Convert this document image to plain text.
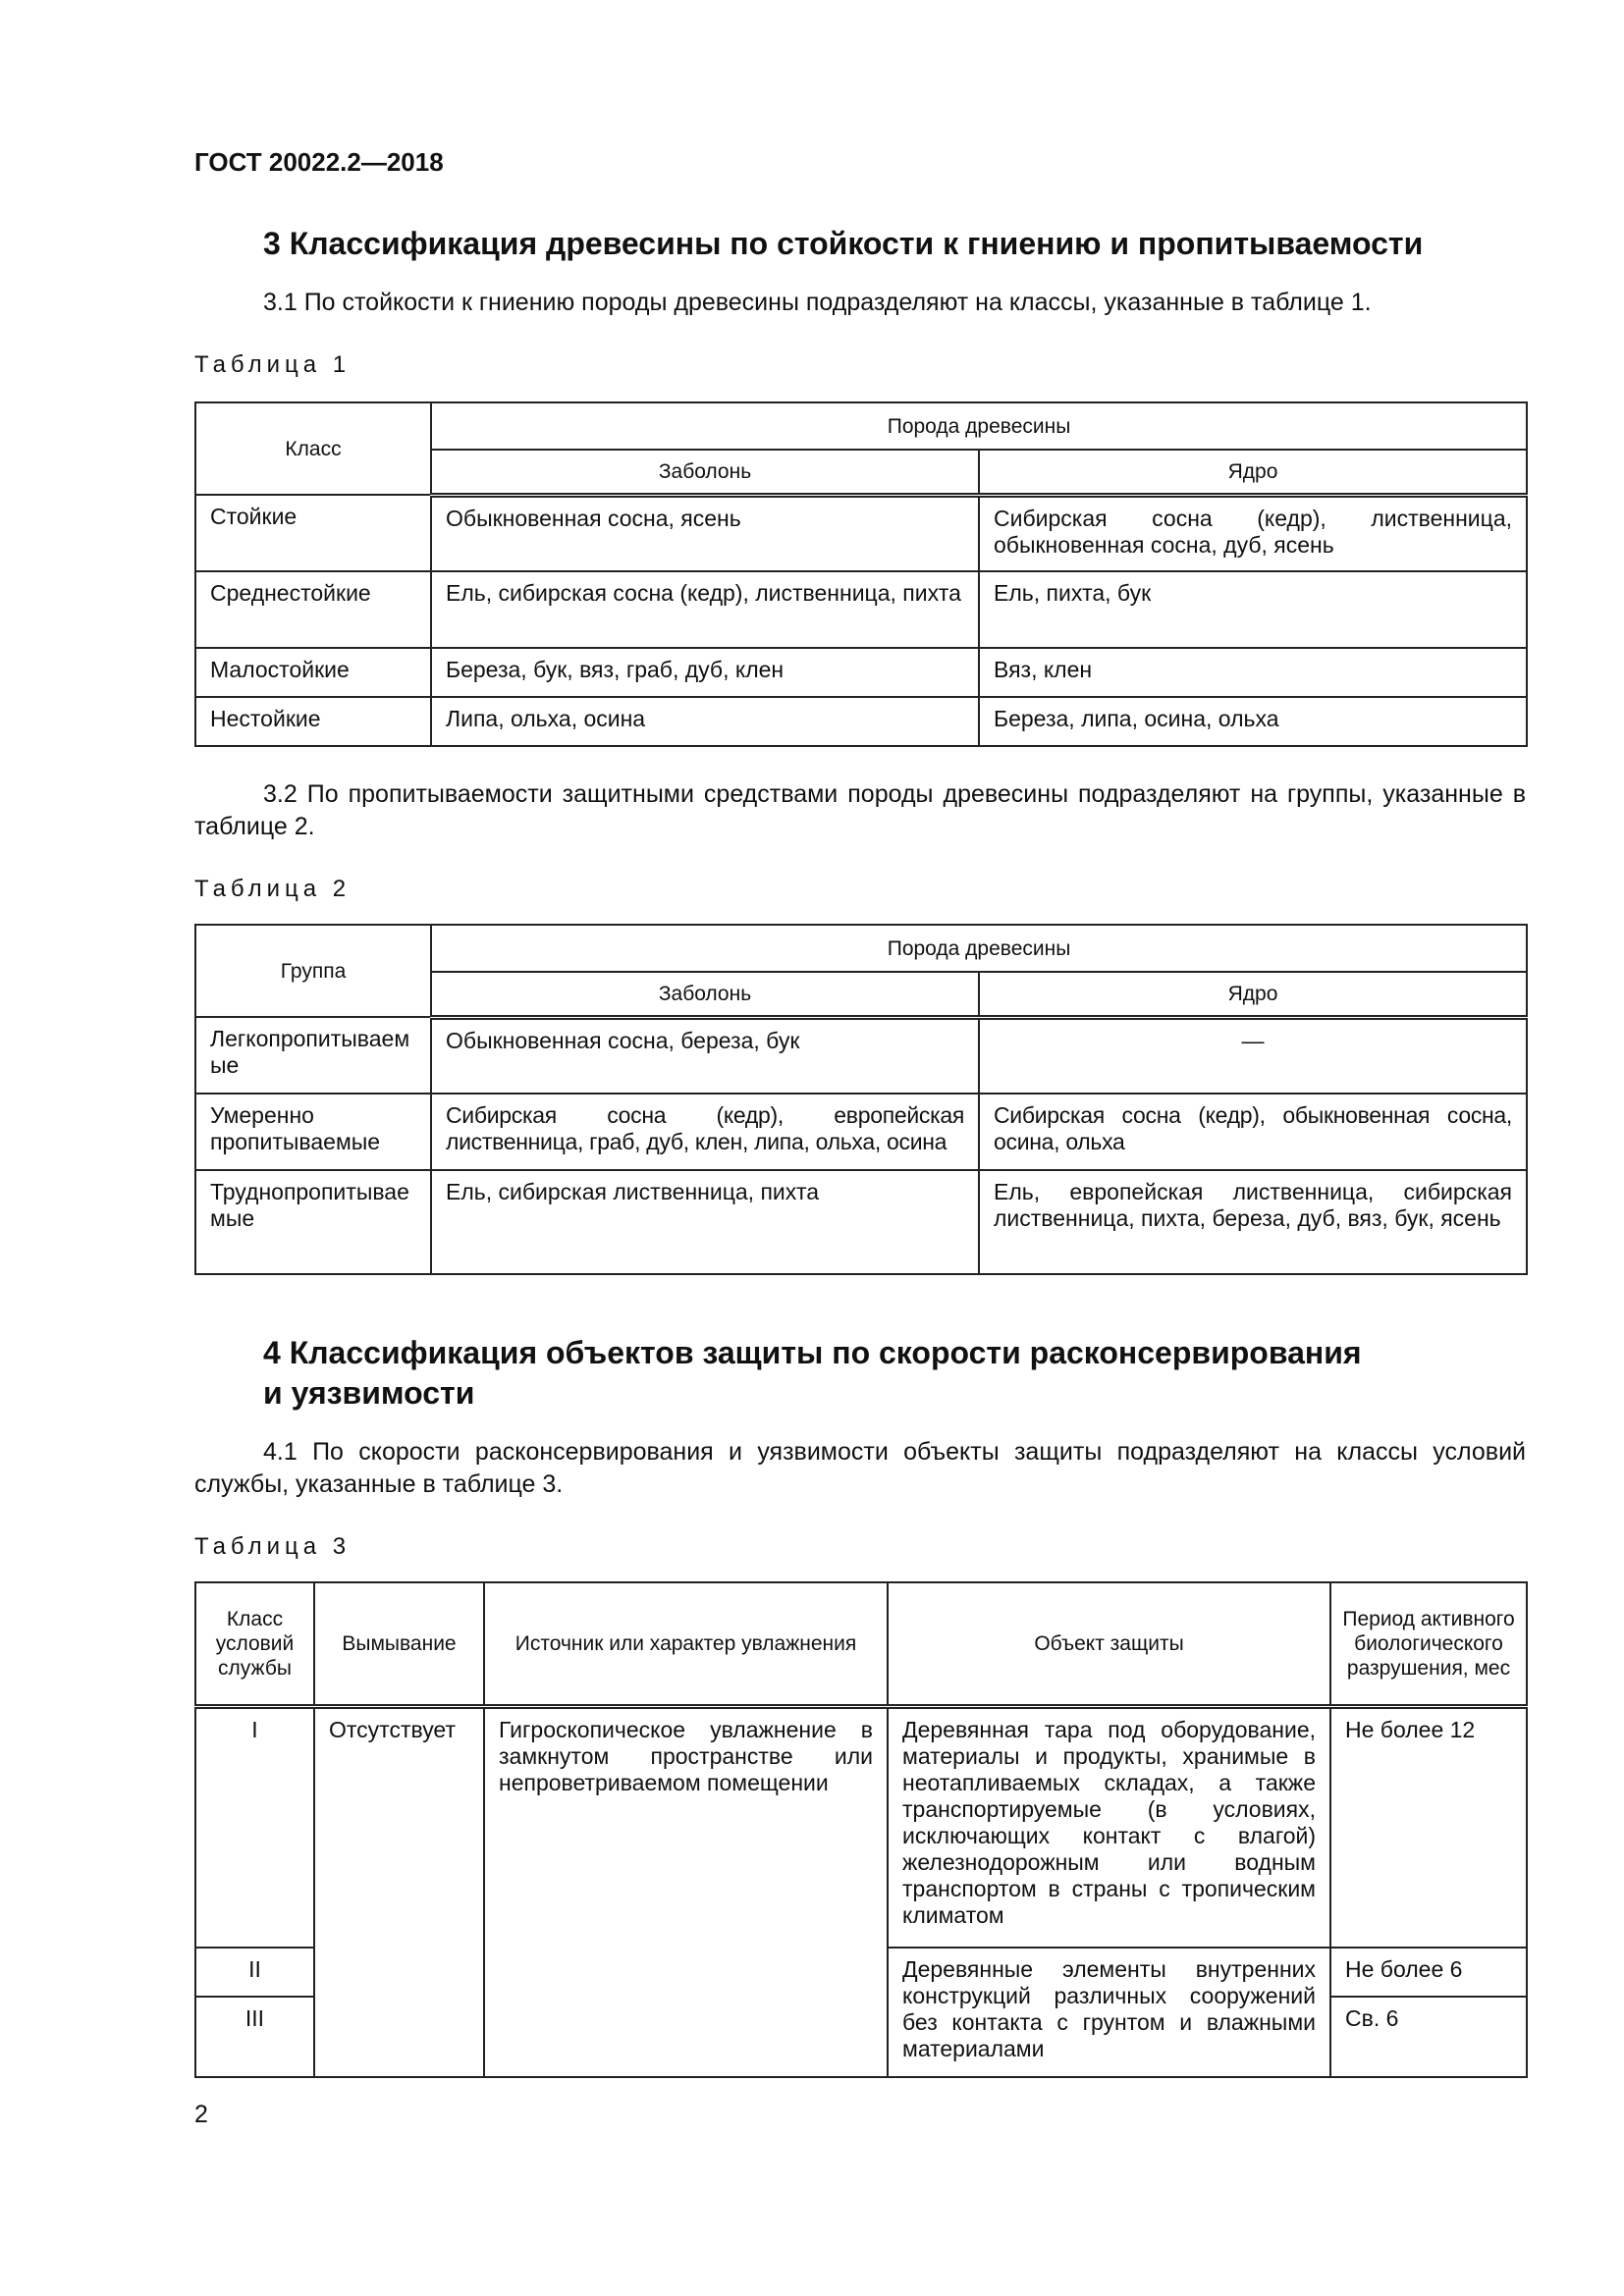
ГОСТ 20022.2—2018
3 Классификация древесины по стойкости к гниению и пропитываемости
3.1 По стойкости к гниению породы древесины подразделяют на классы, указанные в таблице 1.
Таблица 1
Класс	Порода древесины	
	Заболонь	Ядро
Стойкие	Обыкновенная сосна, ясень	Сибирская сосна (кедр), лиственница, обыкновенная сосна, дуб, ясень
Среднестойкие	Ель, сибирская сосна (кедр), лиственница, пихта	Ель, пихта, бук
Малостойкие	Береза, бук, вяз, граб, дуб, клен	Вяз, клен
Нестойкие	Липа, ольха, осина	Береза, липа, осина, ольха
3.2 По пропитываемости защитными средствами породы древесины подразделяют на группы, указанные в таблице 2.
Таблица 2
Группа	Порода древесины	
	Заболонь	Ядро
Легкопропитываемые	Обыкновенная сосна, береза, бук	—
Умеренно пропитываемые	Сибирская сосна (кедр), европейская лиственница, граб, дуб, клен, липа, ольха, осина	Сибирская сосна (кедр), обыкновенная сосна, осина, ольха
Труднопропитываемые	Ель, сибирская лиственница, пихта	Ель, европейская лиственница, сибирская лиственница, пихта, береза, дуб, вяз, бук, ясень
4 Классификация объектов защиты по скорости расконсервирования
и уязвимости
4.1 По скорости расконсервирования и уязвимости объекты защиты подразделяют на классы условий службы, указанные в таблице 3.
Таблица 3
Класс условий службы	Вымывание	Источник или характер увлажнения	Объект защиты	Период активного биологического разрушения, мес
I	Отсутствует	Гигроскопическое увлажнение в замкнутом пространстве или непроветриваемом помещении	Деревянная тара под оборудование, материалы и продукты, хранимые в неотапливаемых складах, а также транспортируемые (в условиях, исключающих контакт с влагой) железнодорожным или водным транспортом в страны с тропическим климатом	Не более 12
II			Деревянные элементы внутренних конструкций различных сооружений без контакта с грунтом и влажными материалами	Не более 6
III				Св. 6
2
